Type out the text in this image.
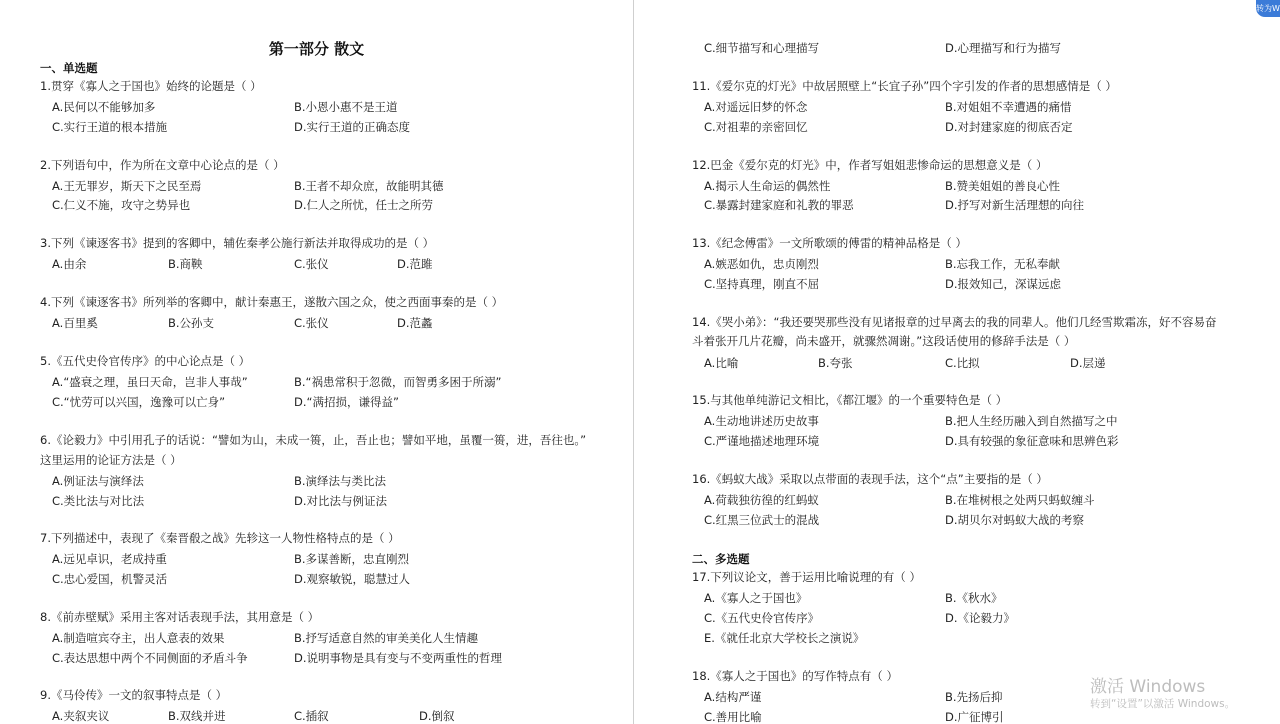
第一部分 散文
一、单选题
1.贯穿《寡人之于国也》始终的论题是（ ）
A.民何以不能够加多	B.小恩小惠不是王道
C.实行王道的根本措施	D.实行王道的正确态度
2.下列语句中，作为所在文章中心论点的是（ ）
A.王无罪岁，斯天下之民至焉	B.王者不却众庶，故能明其德
C.仁义不施，攻守之势异也	D.仁人之所忧，任士之所劳
3.下列《谏逐客书》提到的客卿中，辅佐秦孝公施行新法并取得成功的是（ ）
A.由余	B.商鞅	C.张仪	D.范雎
4.下列《谏逐客书》所列举的客卿中，献计秦惠王，遂散六国之众，使之西面事秦的是（ ）
A.百里奚	B.公孙支	C.张仪	D.范蠡
5.《五代史伶官传序》的中心论点是（ ）
A.“盛衰之理，虽曰天命，岂非人事哉”	B.“祸患常积于忽微，而智勇多困于所溺”
C.“忧劳可以兴国，逸豫可以亡身”	D.“满招损，谦得益”
6.《论毅力》中引用孔子的话说：“譬如为山，未成一篑，止，吾止也；譬如平地，虽覆一篑，进，吾往也。”
这里运用的论证方法是（ ）
A.例证法与演绎法	B.演绎法与类比法
C.类比法与对比法	D.对比法与例证法
7.下列描述中，表现了《秦晋殽之战》先轸这一人物性格特点的是（ ）
A.远见卓识，老成持重	B.多谋善断，忠直刚烈
C.忠心爱国，机警灵活	D.观察敏锐，聪慧过人
8.《前赤壁赋》采用主客对话表现手法，其用意是（ ）
A.制造喧宾夺主，出人意表的效果	B.抒写适意自然的审美美化人生情趣
C.表达思想中两个不同侧面的矛盾斗争	D.说明事物是具有变与不变两重性的哲理
9.《马伶传》一文的叙事特点是（ ）
A.夹叙夹议	B.双线并进	C.插叙	D.倒叙
C.细节描写和心理描写	D.心理描写和行为描写
11.《爱尔克的灯光》中故居照壁上“长宜子孙”四个字引发的作者的思想感情是（ ）
A.对遥远旧梦的怀念	B.对姐姐不幸遭遇的痛惜
C.对祖辈的亲密回忆	D.对封建家庭的彻底否定
12.巴金《爱尔克的灯光》中，作者写姐姐悲惨命运的思想意义是（ ）
A.揭示人生命运的偶然性	B.赞美姐姐的善良心性
C.暴露封建家庭和礼教的罪恶	D.抒写对新生活理想的向往
13.《纪念傅雷》一文所歌颂的傅雷的精神品格是（ ）
A.嫉恶如仇，忠贞刚烈	B.忘我工作，无私奉献
C.坚持真理，刚直不屈	D.报效知己，深谋远虑
14.《哭小弟》：“我还要哭那些没有见诸报章的过早离去的我的同辈人。他们几经雪欺霜冻，好不容易奋
斗着张开几片花瓣，尚未盛开，就骤然凋谢。”这段话使用的修辞手法是（ ）
A.比喻	B.夸张	C.比拟	D.层递
15.与其他单纯游记文相比，《都江堰》的一个重要特色是（ ）
A.生动地讲述历史故事	B.把人生经历融入到自然描写之中
C.严谨地描述地理环境	D.具有较强的象征意味和思辨色彩
16.《蚂蚁大战》采取以点带面的表现手法，这个“点”主要指的是（ ）
A.荷载独彷徨的红蚂蚁	B.在堆树根之处两只蚂蚁缠斗
C.红黑三位武士的混战	D.胡贝尔对蚂蚁大战的考察
二、多选题
17.下列议论文，善于运用比喻说理的有（ ）
A.《寡人之于国也》	B.《秋水》
C.《五代史伶官传序》	D.《论毅力》
E.《就任北京大学校长之演说》
18.《寡人之于国也》的写作特点有（ ）
A.结构严谨	B.先扬后抑
C.善用比喻	D.广征博引
转为W
激活 Windows
转到“设置”以激活 Windows。
